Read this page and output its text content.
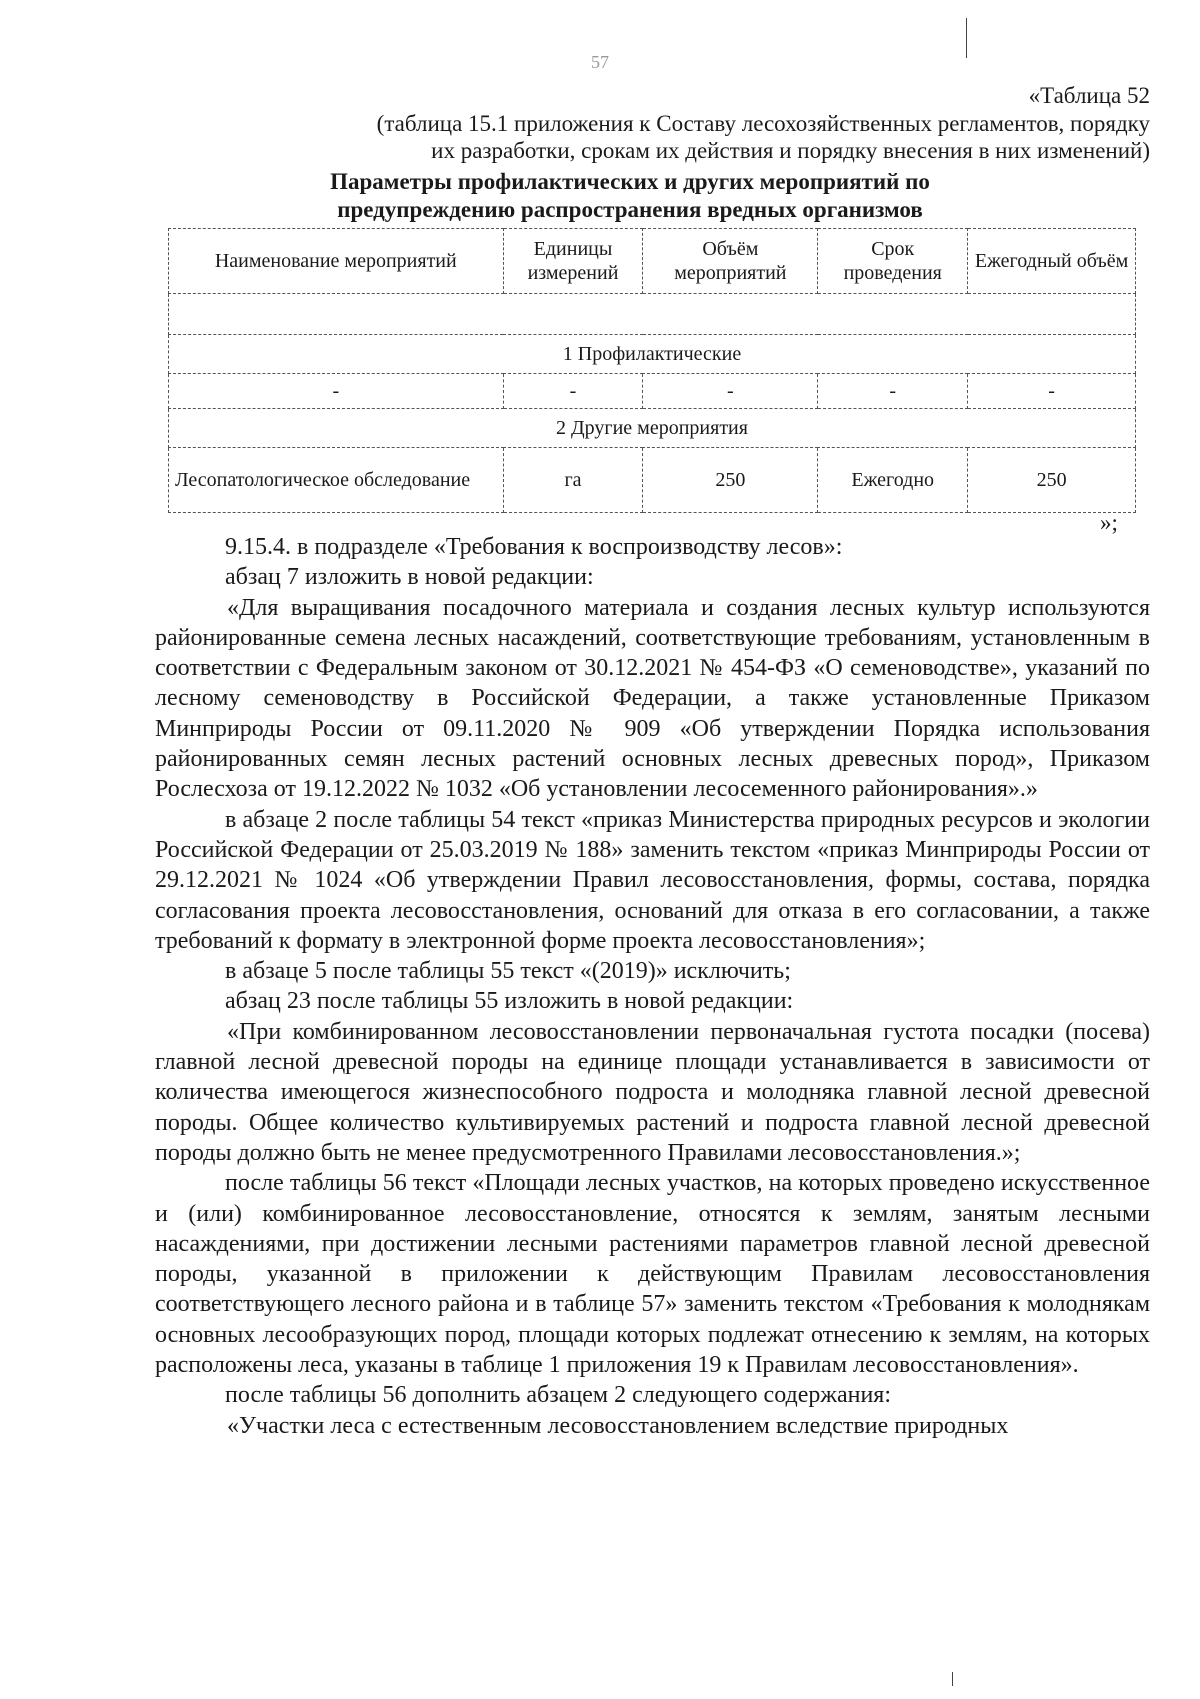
57
«Таблица 52
(таблица 15.1 приложения к Составу лесохозяйственных регламентов, порядку
их разработки, срокам их действия и порядку внесения в них изменений)
Параметры профилактических и других мероприятий по
предупреждению распространения вредных организмов
Наименование мероприятий	Единицы измерений	Объём мероприятий	Срок проведения	Ежегодный объём

1 Профилактические				
-	-	-	-	-
2 Другие мероприятия				
Лесопатологическое обследование	га	250	Ежегодно	250
»;

9.15.4. в подразделе «Требования к воспроизводству лесов»:

абзац 7 изложить в новой редакции:

«Для выращивания посадочного материала и создания лесных культур используются районированные семена лесных насаждений, соответствующие требованиям, установленным в соответствии с Федеральным законом от 30.12.2021 № 454-ФЗ «О семеноводстве», указаний по лесному семеноводству в Российской Федерации, а также установленные Приказом Минприроды России от 09.11.2020 № 909 «Об утверждении Порядка использования районированных семян лесных растений основных лесных древесных пород», Приказом Рослесхоза от 19.12.2022 № 1032 «Об установлении лесосеменного районирования».»

в абзаце 2 после таблицы 54 текст «приказ Министерства природных ресурсов и экологии Российской Федерации от 25.03.2019 № 188» заменить текстом «приказ Минприроды России от 29.12.2021 № 1024 «Об утверждении Правил лесовосстановления, формы, состава, порядка согласования проекта лесовосстановления, оснований для отказа в его согласовании, а также требований к формату в электронной форме проекта лесовосстановления»;

в абзаце 5 после таблицы 55 текст «(2019)» исключить;

абзац 23 после таблицы 55 изложить в новой редакции:

«При комбинированном лесовосстановлении первоначальная густота посадки (посева) главной лесной древесной породы на единице площади устанавливается в зависимости от количества имеющегося жизнеспособного подроста и молодняка главной лесной древесной породы. Общее количество культивируемых растений и подроста главной лесной древесной породы должно быть не менее предусмотренного Правилами лесовосстановления.»;

после таблицы 56 текст «Площади лесных участков, на которых проведено искусственное и (или) комбинированное лесовосстановление, относятся к землям, занятым лесными насаждениями, при достижении лесными растениями параметров главной лесной древесной породы, указанной в приложении к действующим Правилам лесовосстановления соответствующего лесного района и в таблице 57» заменить текстом «Требования к молоднякам основных лесообразующих пород, площади которых подлежат отнесению к землям, на которых расположены леса, указаны в таблице 1 приложения 19 к Правилам лесовосстановления».

после таблицы 56 дополнить абзацем 2 следующего содержания:

«Участки леса с естественным лесовосстановлением вследствие природных
